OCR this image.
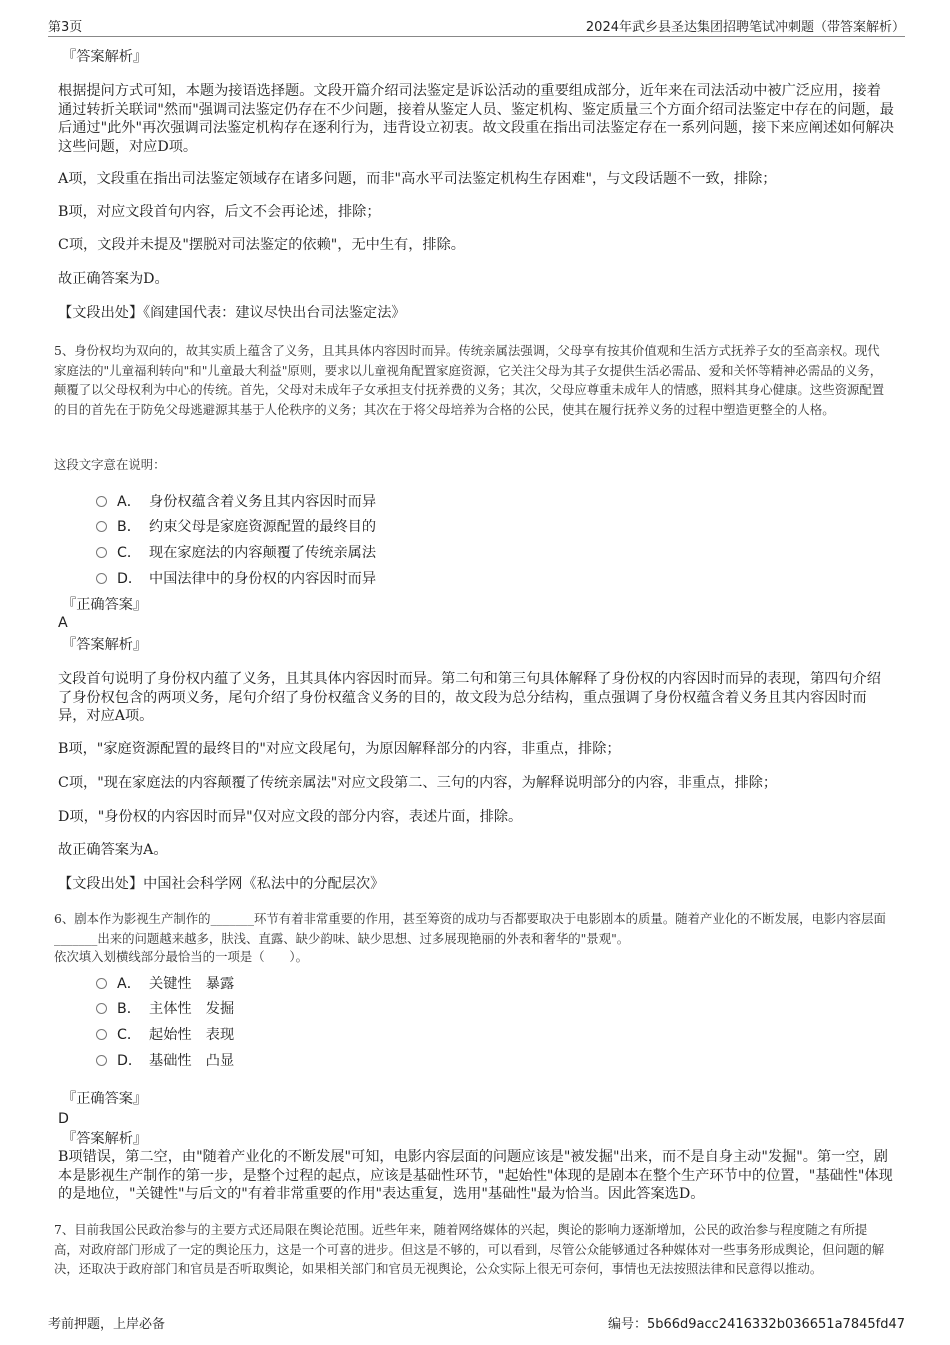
第3页	2024年武乡县圣达集团招聘笔试冲刺题（带答案解析）
『答案解析』
根据提问方式可知，本题为接语选择题。文段开篇介绍司法鉴定是诉讼活动的重要组成部分，近年来在司法活动中被广泛应用，接着通过转折关联词"然而"强调司法鉴定仍存在不少问题，接着从鉴定人员、鉴定机构、鉴定质量三个方面介绍司法鉴定中存在的问题，最后通过"此外"再次强调司法鉴定机构存在逐利行为，违背设立初衷。故文段重在指出司法鉴定存在一系列问题，接下来应阐述如何解决这些问题，对应D项。
A项，文段重在指出司法鉴定领域存在诸多问题，而非"高水平司法鉴定机构生存困难"，与文段话题不一致，排除；
B项，对应文段首句内容，后文不会再论述，排除；
C项，文段并未提及"摆脱对司法鉴定的依赖"，无中生有，排除。
故正确答案为D。
【文段出处】《阎建国代表：建议尽快出台司法鉴定法》
5、身份权均为双向的，故其实质上蕴含了义务，且其具体内容因时而异。传统亲属法强调，父母享有按其价值观和生活方式抚养子女的至高亲权。现代家庭法的"儿童福利转向"和"儿童最大利益"原则，要求以儿童视角配置家庭资源，它关注父母为其子女提供生活必需品、爱和关怀等精神必需品的义务，颠覆了以父母权利为中心的传统。首先，父母对未成年子女承担支付抚养费的义务；其次，父母应尊重未成年人的情感，照料其身心健康。这些资源配置的目的首先在于防免父母逃避源其基于人伦秩序的义务；其次在于将父母培养为合格的公民，使其在履行抚养义务的过程中塑造更整全的人格。
这段文字意在说明：
A． 身份权蕴含着义务且其内容因时而异
B． 约束父母是家庭资源配置的最终目的
C． 现在家庭法的内容颠覆了传统亲属法
D． 中国法律中的身份权的内容因时而异
『正确答案』
A
『答案解析』
文段首句说明了身份权内蕴了义务，且其具体内容因时而异。第二句和第三句具体解释了身份权的内容因时而异的表现，第四句介绍了身份权包含的两项义务，尾句介绍了身份权蕴含义务的目的，故文段为总分结构，重点强调了身份权蕴含着义务且其内容因时而异，对应A项。
B项，"家庭资源配置的最终目的"对应文段尾句，为原因解释部分的内容，非重点，排除；
C项，"现在家庭法的内容颠覆了传统亲属法"对应文段第二、三句的内容，为解释说明部分的内容，非重点，排除；
D项，"身份权的内容因时而异"仅对应文段的部分内容，表述片面，排除。
故正确答案为A。
【文段出处】中国社会科学网《私法中的分配层次》
6、剧本作为影视生产制作的_______环节有着非常重要的作用，甚至筹资的成功与否都要取决于电影剧本的质量。随着产业化的不断发展，电影内容层面_______出来的问题越来越多，肤浅、直露、缺少韵味、缺少思想、过多展现艳丽的外表和奢华的"景观"。
依次填入划横线部分最恰当的一项是（　　）。
A． 关键性　暴露
B． 主体性　发掘
C． 起始性　表现
D． 基础性　凸显
『正确答案』
D
『答案解析』
B项错误，第二空，由"随着产业化的不断发展"可知，电影内容层面的问题应该是"被发掘"出来，而不是自身主动"发掘"。第一空，剧本是影视生产制作的第一步，是整个过程的起点，应该是基础性环节，"起始性"体现的是剧本在整个生产环节中的位置，"基础性"体现的是地位，"关键性"与后文的"有着非常重要的作用"表达重复，选用"基础性"最为恰当。因此答案选D。
7、目前我国公民政治参与的主要方式还局限在舆论范围。近些年来，随着网络媒体的兴起，舆论的影响力逐渐增加，公民的政治参与程度随之有所提高，对政府部门形成了一定的舆论压力，这是一个可喜的进步。但这是不够的，可以看到，尽管公众能够通过各种媒体对一些事务形成舆论，但问题的解决，还取决于政府部门和官员是否听取舆论，如果相关部门和官员无视舆论，公众实际上很无可奈何，事情也无法按照法律和民意得以推动。
考前押题，上岸必备	编号：5b66d9acc2416332b036651a7845fd47
